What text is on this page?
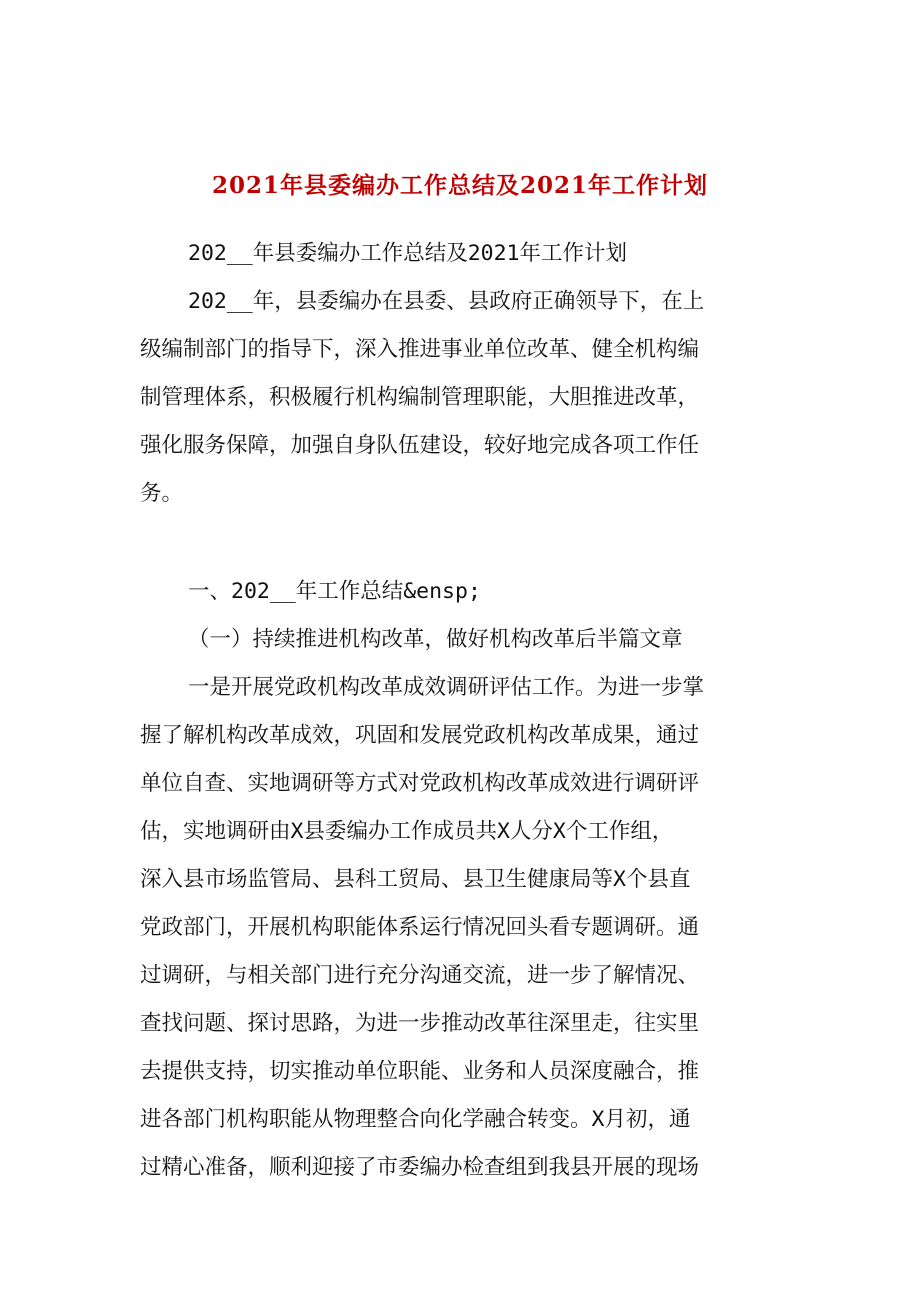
2021年县委编办工作总结及2021年工作计划
202__年县委编办工作总结及2021年工作计划
202__年，县委编办在县委、县政府正确领导下，在上
级编制部门的指导下，深入推进事业单位改革、健全机构编
制管理体系，积极履行机构编制管理职能，大胆推进改革，
强化服务保障，加强自身队伍建设，较好地完成各项工作任
务。
一、202__年工作总结&ensp;
（一）持续推进机构改革，做好机构改革后半篇文章
一是开展党政机构改革成效调研评估工作。为进一步掌
握了解机构改革成效，巩固和发展党政机构改革成果，通过
单位自查、实地调研等方式对党政机构改革成效进行调研评
估，实地调研由X县委编办工作成员共X人分X个工作组，
深入县市场监管局、县科工贸局、县卫生健康局等X个县直
党政部门，开展机构职能体系运行情况回头看专题调研。通
过调研，与相关部门进行充分沟通交流，进一步了解情况、
查找问题、探讨思路，为进一步推动改革往深里走，往实里
去提供支持，切实推动单位职能、业务和人员深度融合，推
进各部门机构职能从物理整合向化学融合转变。X月初，通
过精心准备，顺利迎接了市委编办检查组到我县开展的现场
